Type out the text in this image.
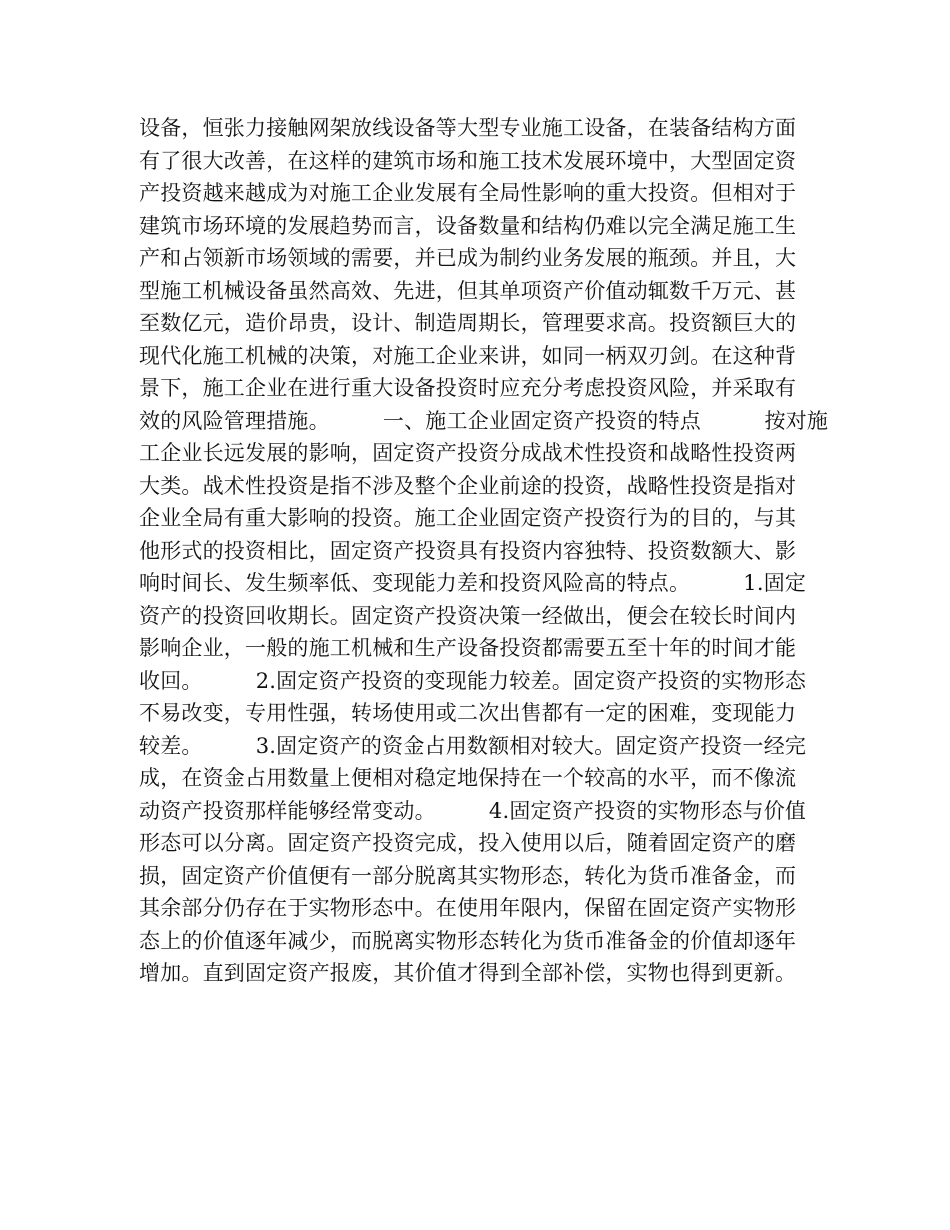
设备，恒张力接触网架放线设备等大型专业施工设备，在装备结构方面
有了很大改善，在这样的建筑市场和施工技术发展环境中，大型固定资
产投资越来越成为对施工企业发展有全局性影响的重大投资。但相对于
建筑市场环境的发展趋势而言，设备数量和结构仍难以完全满足施工生
产和占领新市场领域的需要，并已成为制约业务发展的瓶颈。并且，大
型施工机械设备虽然高效、先进，但其单项资产价值动辄数千万元、甚
至数亿元，造价昂贵，设计、制造周期长，管理要求高。投资额巨大的
现代化施工机械的决策，对施工企业来讲，如同一柄双刃剑。在这种背
景下，施工企业在进行重大设备投资时应充分考虑投资风险，并采取有
效的风险管理措施。　　　一、施工企业固定资产投资的特点　　　按对施
工企业长远发展的影响，固定资产投资分成战术性投资和战略性投资两
大类。战术性投资是指不涉及整个企业前途的投资，战略性投资是指对
企业全局有重大影响的投资。施工企业固定资产投资行为的目的，与其
他形式的投资相比，固定资产投资具有投资内容独特、投资数额大、影
响时间长、发生频率低、变现能力差和投资风险高的特点。　　　1.固定
资产的投资回收期长。固定资产投资决策一经做出，便会在较长时间内
影响企业，一般的施工机械和生产设备投资都需要五至十年的时间才能
收回。　　　2.固定资产投资的变现能力较差。固定资产投资的实物形态
不易改变，专用性强，转场使用或二次出售都有一定的困难，变现能力
较差。　　　3.固定资产的资金占用数额相对较大。固定资产投资一经完
成，在资金占用数量上便相对稳定地保持在一个较高的水平，而不像流
动资产投资那样能够经常变动。　　　4.固定资产投资的实物形态与价值
形态可以分离。固定资产投资完成，投入使用以后，随着固定资产的磨
损，固定资产价值便有一部分脱离其实物形态，转化为货币准备金，而
其余部分仍存在于实物形态中。在使用年限内，保留在固定资产实物形
态上的价值逐年减少，而脱离实物形态转化为货币准备金的价值却逐年
增加。直到固定资产报废，其价值才得到全部补偿，实物也得到更新。
